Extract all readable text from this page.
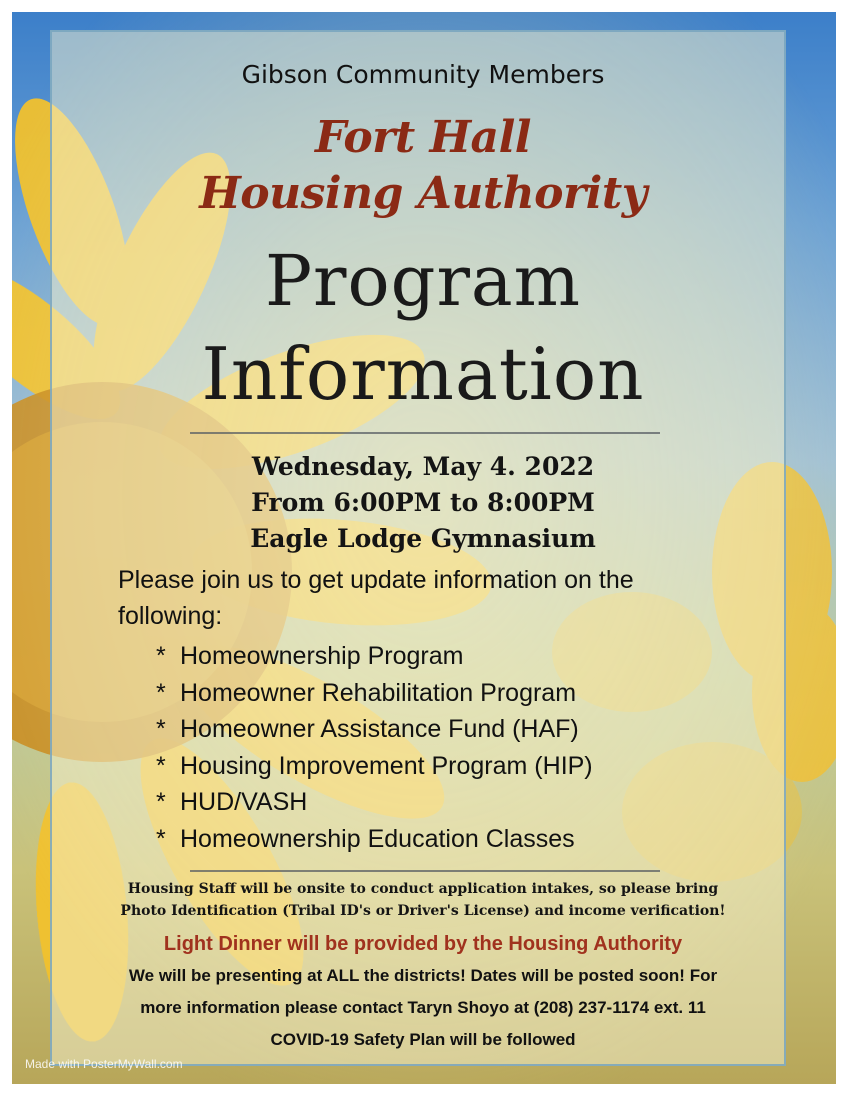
Gibson Community Members
Fort Hall
Housing Authority
Program
Information
Wednesday, May 4. 2022
From 6:00PM to 8:00PM
Eagle Lodge Gymnasium
Please join us to get update information on the
following:
* Homeownership Program
* Homeowner Rehabilitation Program
* Homeowner Assistance Fund (HAF)
* Housing Improvement Program (HIP)
* HUD/VASH
* Homeownership Education Classes
Housing Staff will be onsite to conduct application intakes, so please bring
Photo Identification (Tribal ID's or Driver's License) and income verification!
Light Dinner will be provided by the Housing Authority
We will be presenting at ALL the districts! Dates will be posted soon! For
more information please contact Taryn Shoyo at (208) 237-1174 ext. 11
COVID-19 Safety Plan will be followed
Made with PosterMyWall.com
